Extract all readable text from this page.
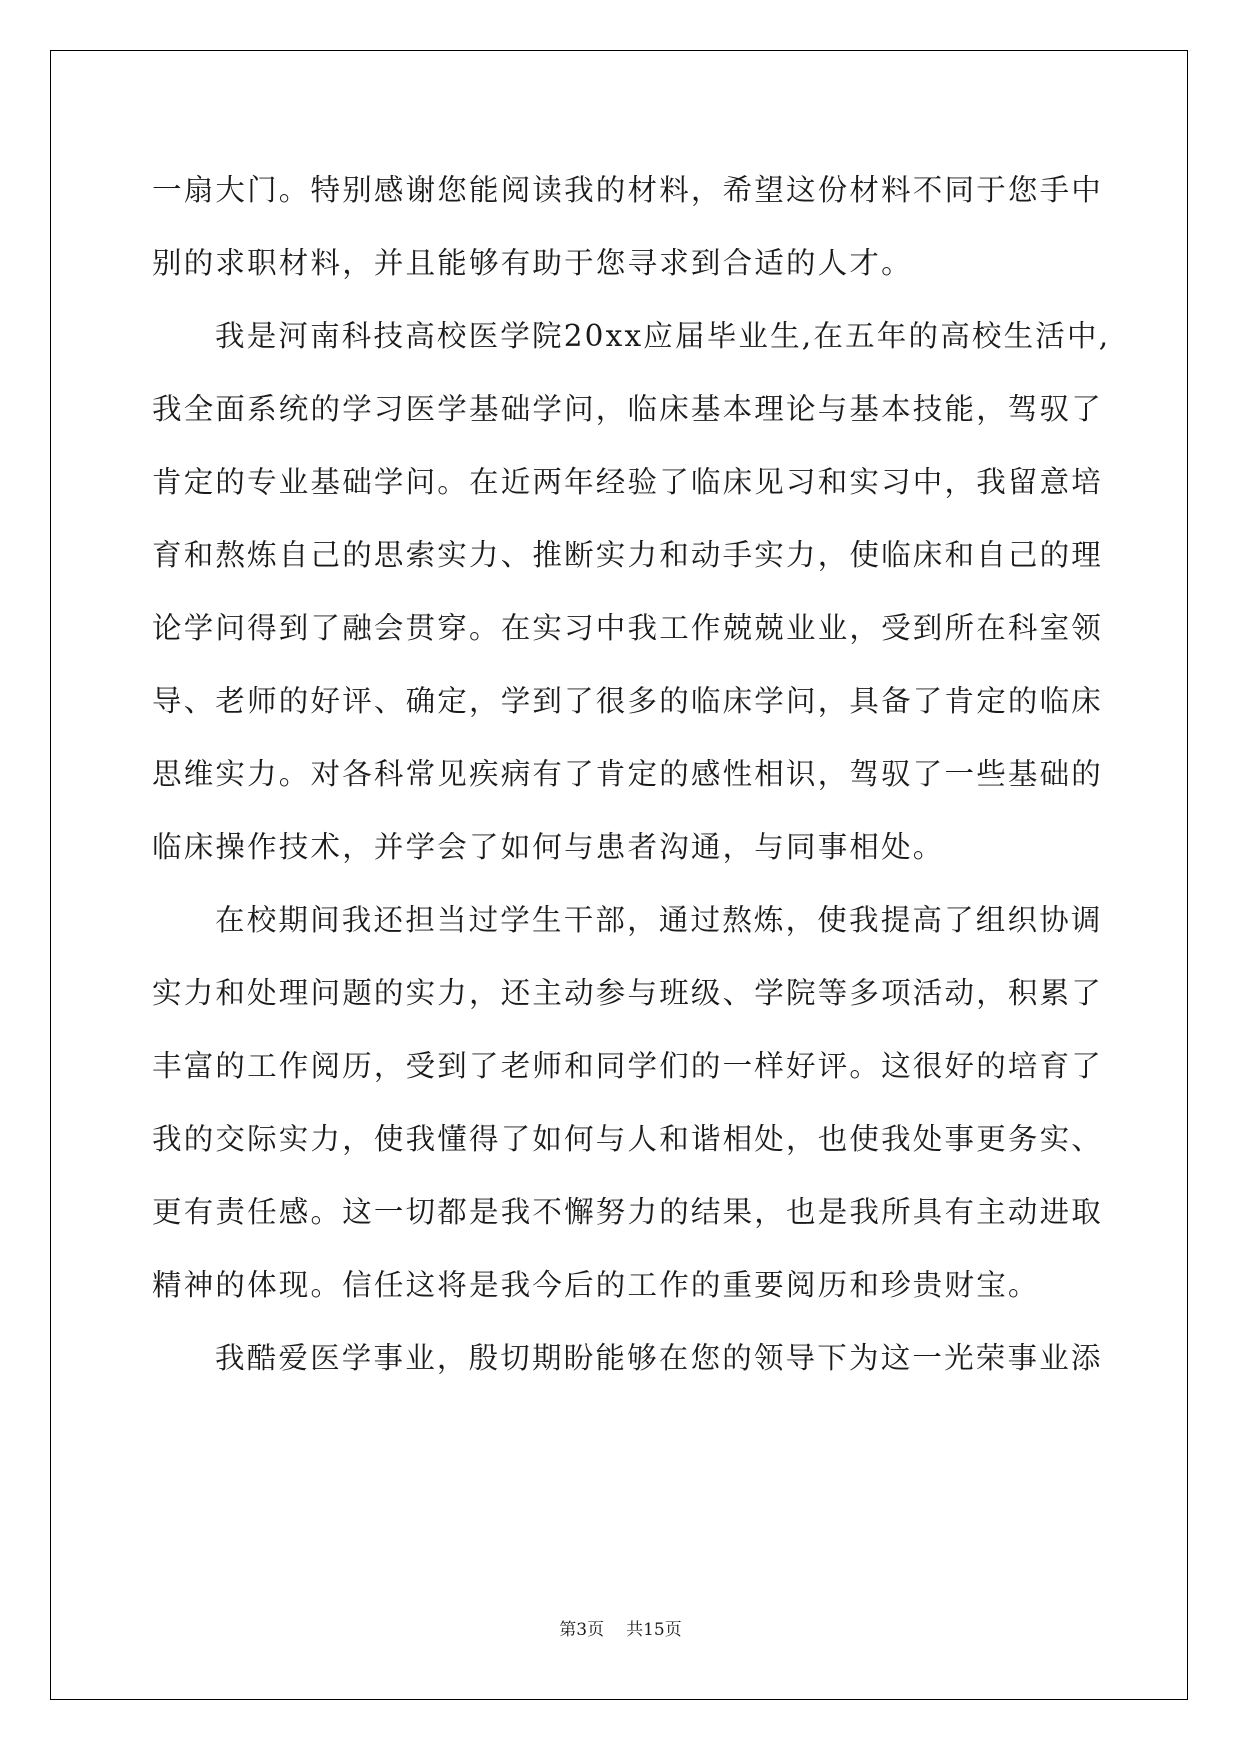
一扇大门。特别感谢您能阅读我的材料，希望这份材料不同于您手中
别的求职材料，并且能够有助于您寻求到合适的人才。
我是河南科技高校医学院20xx应届毕业生,在五年的高校生活中,
我全面系统的学习医学基础学问，临床基本理论与基本技能，驾驭了
肯定的专业基础学问。在近两年经验了临床见习和实习中，我留意培
育和熬炼自己的思索实力、推断实力和动手实力，使临床和自己的理
论学问得到了融会贯穿。在实习中我工作兢兢业业，受到所在科室领
导、老师的好评、确定，学到了很多的临床学问，具备了肯定的临床
思维实力。对各科常见疾病有了肯定的感性相识，驾驭了一些基础的
临床操作技术，并学会了如何与患者沟通，与同事相处。
在校期间我还担当过学生干部，通过熬炼，使我提高了组织协调
实力和处理问题的实力，还主动参与班级、学院等多项活动，积累了
丰富的工作阅历，受到了老师和同学们的一样好评。这很好的培育了
我的交际实力，使我懂得了如何与人和谐相处，也使我处事更务实、
更有责任感。这一切都是我不懈努力的结果，也是我所具有主动进取
精神的体现。信任这将是我今后的工作的重要阅历和珍贵财宝。
我酷爱医学事业，殷切期盼能够在您的领导下为这一光荣事业添
第3页 共15页
